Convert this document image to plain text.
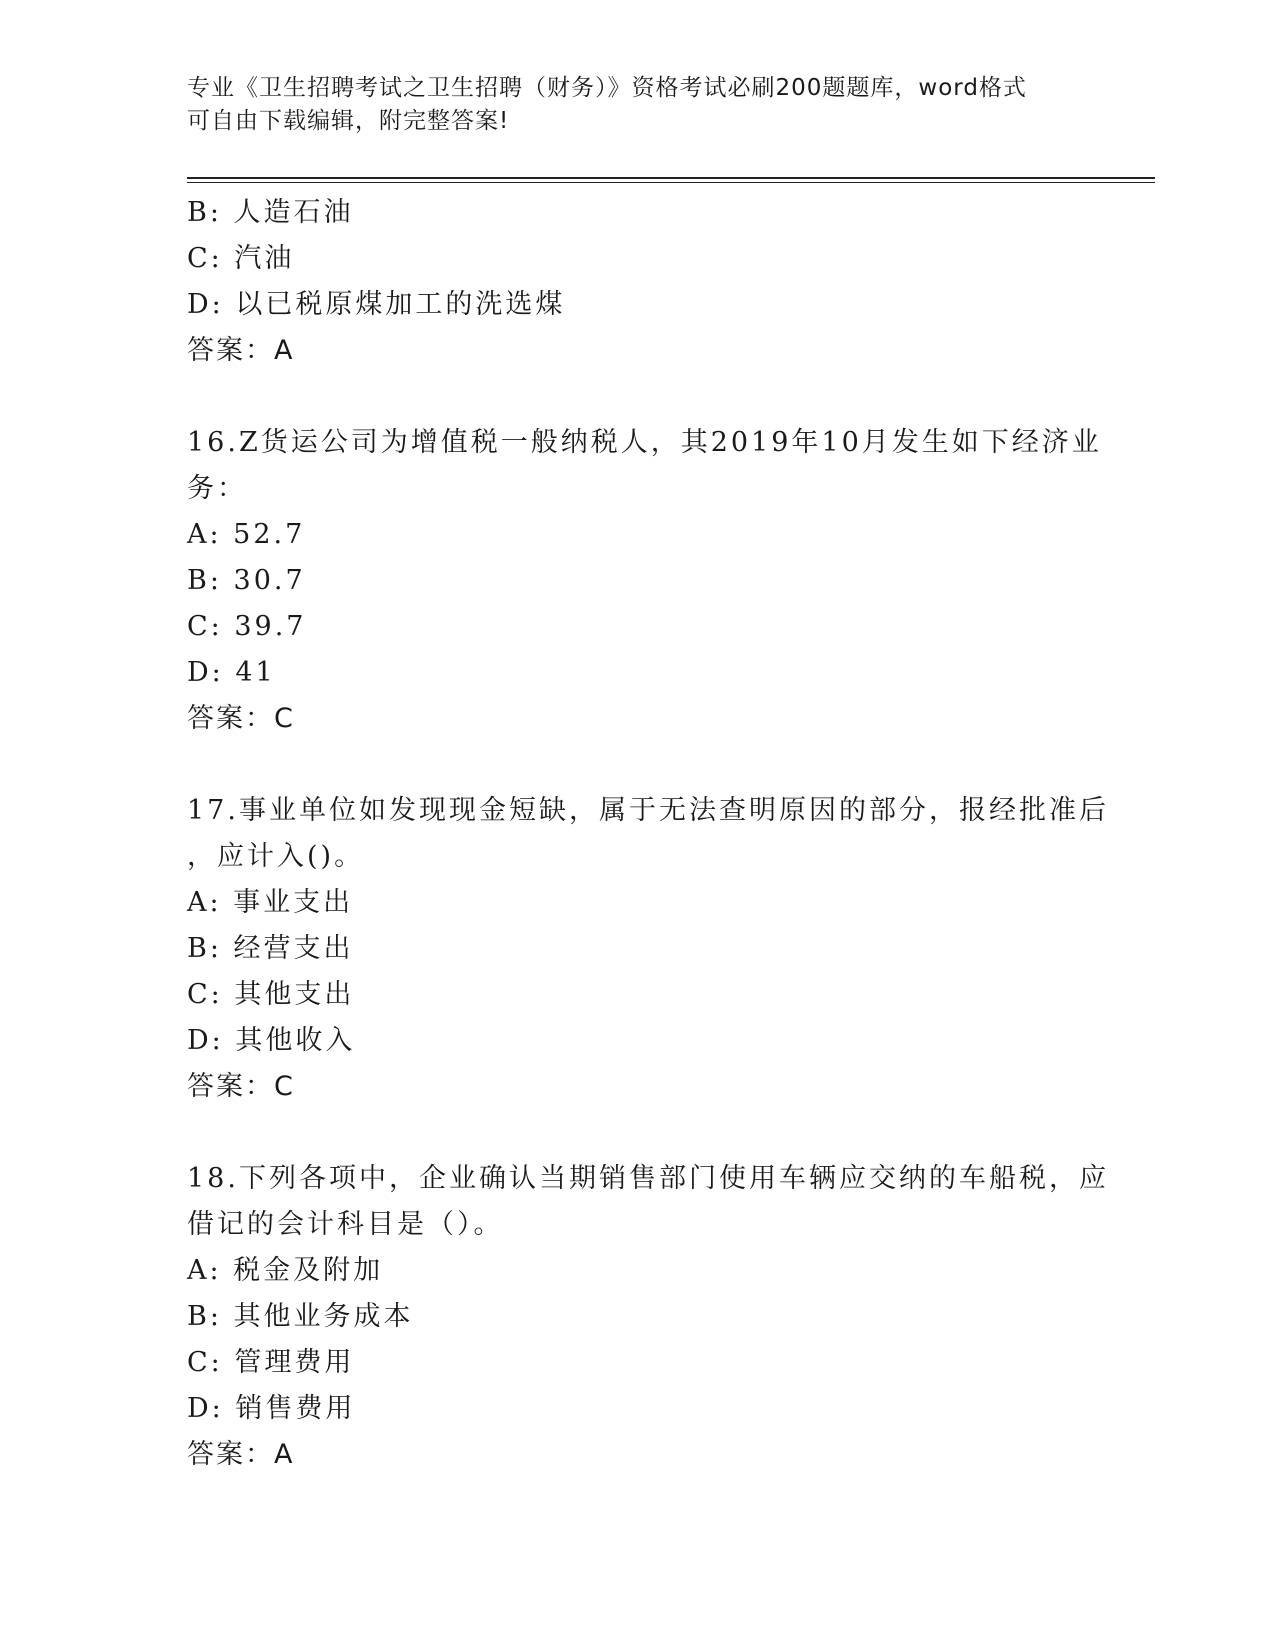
专业《卫生招聘考试之卫生招聘（财务）》资格考试必刷200题题库，word格式
可自由下载编辑，附完整答案!
B: 人造石油
C: 汽油
D: 以已税原煤加工的洗选煤
答案：A
16.Z货运公司为增值税一般纳税人，其2019年10月发生如下经济业
务：
A: 52.7
B: 30.7
C: 39.7
D: 41
答案：C
17.事业单位如发现现金短缺，属于无法查明原因的部分，报经批准后
，应计入()。
A: 事业支出
B: 经营支出
C: 其他支出
D: 其他收入
答案：C
18.下列各项中，企业确认当期销售部门使用车辆应交纳的车船税，应
借记的会计科目是（）。
A: 税金及附加
B: 其他业务成本
C: 管理费用
D: 销售费用
答案：A
